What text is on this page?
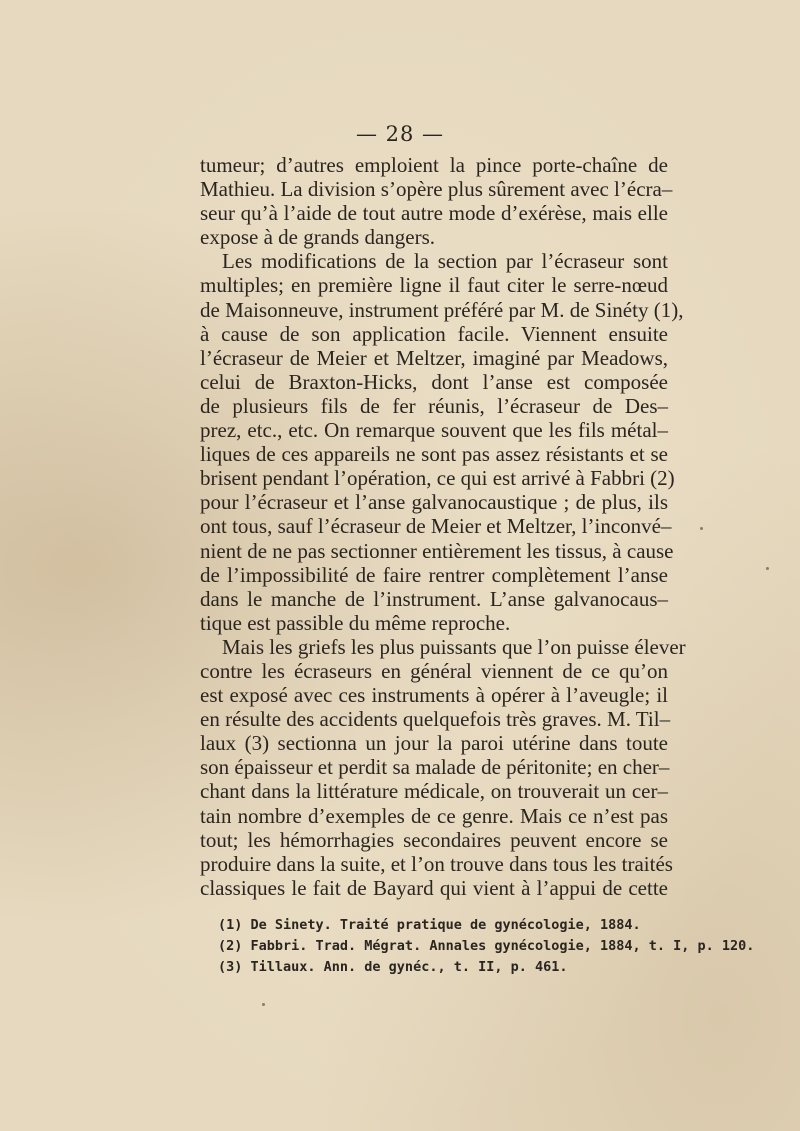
— 28 —
tumeur; d’autres emploient la pince porte-chaîne de
Mathieu. La division s’opère plus sûrement avec l’écra–
seur qu’à l’aide de tout autre mode d’exérèse, mais elle
expose à de grands dangers.
Les modifications de la section par l’écraseur sont
multiples; en première ligne il faut citer le serre-nœud
de Maisonneuve, instrument préféré par M. de Sinéty (1),
à cause de son application facile. Viennent ensuite
l’écraseur de Meier et Meltzer, imaginé par Meadows,
celui de Braxton-Hicks, dont l’anse est composée
de plusieurs fils de fer réunis, l’écraseur de Des–
prez, etc., etc. On remarque souvent que les fils métal–
liques de ces appareils ne sont pas assez résistants et se
brisent pendant l’opération, ce qui est arrivé à Fabbri (2)
pour l’écraseur et l’anse galvanocaustique ; de plus, ils
ont tous, sauf l’écraseur de Meier et Meltzer, l’inconvé–
nient de ne pas sectionner entièrement les tissus, à cause
de l’impossibilité de faire rentrer complètement l’anse
dans le manche de l’instrument. L’anse galvanocaus–
tique est passible du même reproche.
Mais les griefs les plus puissants que l’on puisse élever
contre les écraseurs en général viennent de ce qu’on
est exposé avec ces instruments à opérer à l’aveugle; il
en résulte des accidents quelquefois très graves. M. Til–
laux (3) sectionna un jour la paroi utérine dans toute
son épaisseur et perdit sa malade de péritonite; en cher–
chant dans la littérature médicale, on trouverait un cer–
tain nombre d’exemples de ce genre. Mais ce n’est pas
tout; les hémorrhagies secondaires peuvent encore se
produire dans la suite, et l’on trouve dans tous les traités
classiques le fait de Bayard qui vient à l’appui de cette
(1) De Sinety. Traité pratique de gynécologie, 1884.
(2) Fabbri. Trad. Mégrat. Annales gynécologie, 1884, t. I, p. 120.
(3) Tillaux. Ann. de gynéc., t. II, p. 461.
